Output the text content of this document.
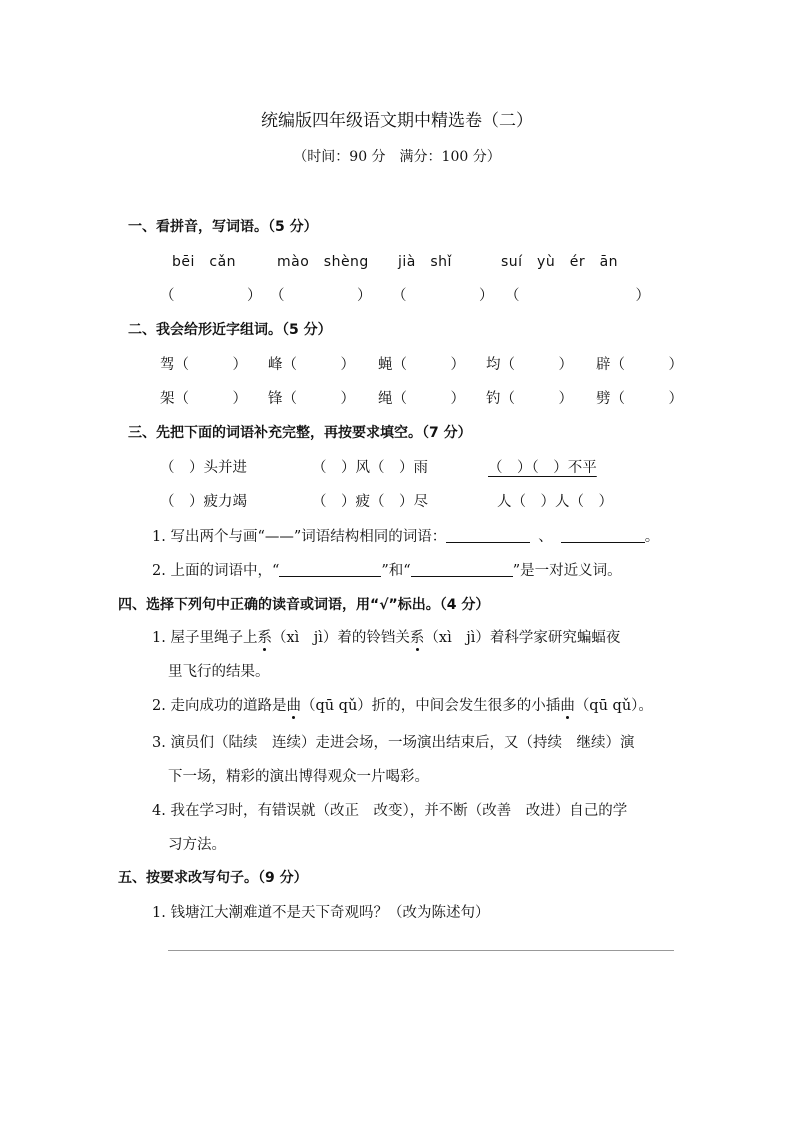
统编版四年级语文期中精选卷（二）
（时间：90 分　满分：100 分）
一、看拼音，写词语。（5 分）
bēi　cǎn	mào　shèng jià　shǐ	suí　yù　ér　ān
（　　　　　） （　　　　　） （　　　　　） （　　　　　　　　）
二、我会给形近字组词。（5 分）
驾（　　　） 峰（　　　） 蝇（　　　） 均（　　　） 辟（　　　）
架（　　　） 锋（　　　） 绳（　　　） 钓（　　　） 劈（　　　）
三、先把下面的词语补充完整，再按要求填空。（7 分）
（　）头并进	（　）风（　）雨	（　）（　）不平
（　）疲力竭	（　）疲（　）尽	人（　）人（　）
1. 写出两个与画“——”词语结构相同的词语：	、	。
2. 上面的词语中，“	”和“	”是一对近义词。
四、选择下列句中正确的读音或词语，用“√”标出。（4 分）
1. 屋子里绳子上系（xì　jì）着的铃铛关系（xì　jì）着科学家研究蝙蝠夜
里飞行的结果。
2. 走向成功的道路是曲（qū qǔ）折的，中间会发生很多的小插曲（qū qǔ）。
3. 演员们（陆续　连续）走进会场，一场演出结束后，又（持续　继续）演
下一场，精彩的演出博得观众一片喝彩。
4. 我在学习时，有错误就（改正　改变），并不断（改善　改进）自己的学
习方法。
五、按要求改写句子。（9 分）
1. 钱塘江大潮难道不是天下奇观吗？（改为陈述句）
